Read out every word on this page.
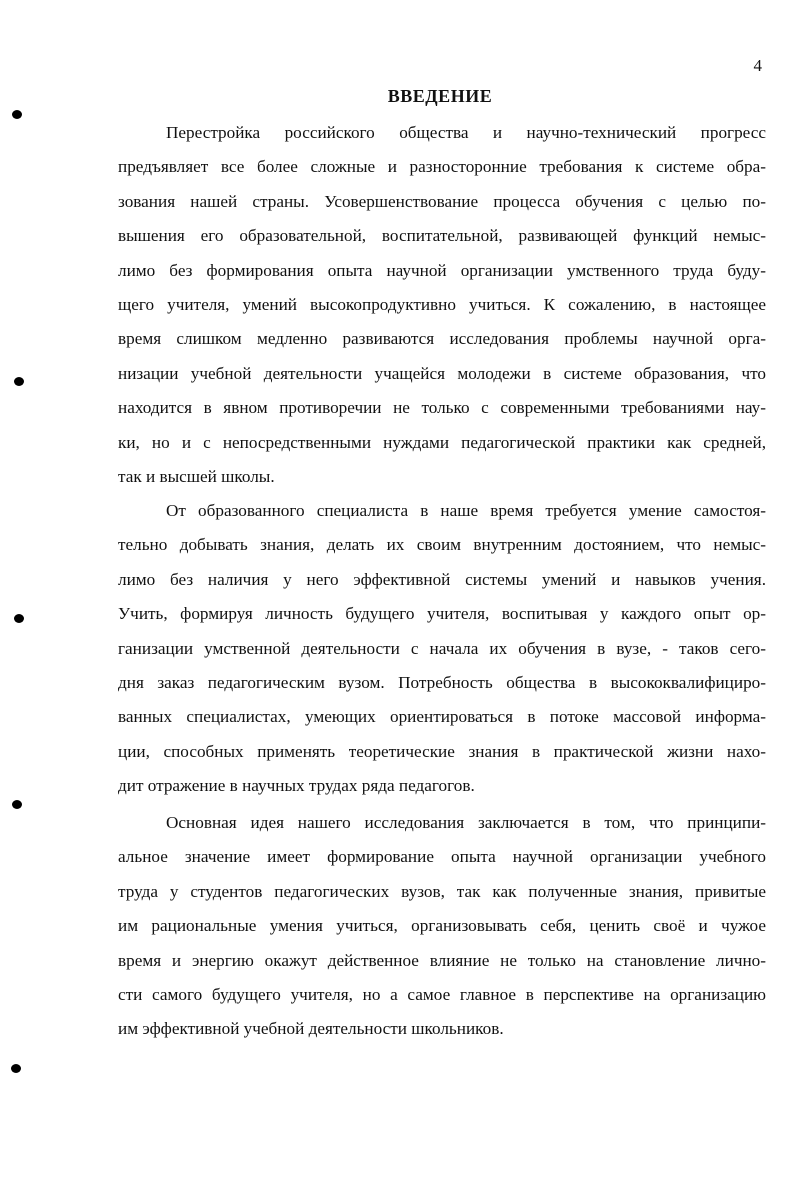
4
ВВЕДЕНИЕ
Перестройка российского общества и научно-технический прогресс
предъявляет все более сложные и разносторонние требования к системе обра-
зования нашей страны. Усовершенствование процесса обучения с целью по-
вышения его образовательной, воспитательной, развивающей функций немыс-
лимо без формирования опыта научной организации умственного труда буду-
щего учителя, умений высокопродуктивно учиться. К сожалению, в настоящее
время слишком медленно развиваются исследования проблемы научной орга-
низации учебной деятельности учащейся молодежи в системе образования, что
находится в явном противоречии не только с современными требованиями нау-
ки, но и с непосредственными нуждами педагогической практики как средней,
так и высшей школы.
От образованного специалиста в наше время требуется умение самостоя-
тельно добывать знания, делать их своим внутренним достоянием, что немыс-
лимо без наличия у него эффективной системы умений и навыков учения.
Учить, формируя личность будущего учителя, воспитывая у каждого опыт ор-
ганизации умственной деятельности с начала их обучения в вузе, - таков сего-
дня заказ педагогическим вузом. Потребность общества в высококвалифициро-
ванных специалистах, умеющих ориентироваться в потоке массовой информа-
ции, способных применять теоретические знания в практической жизни нахо-
дит отражение в научных трудах ряда педагогов.
Основная идея нашего исследования заключается в том, что принципи-
альное значение имеет формирование опыта научной организации учебного
труда у студентов педагогических вузов, так как полученные знания, привитые
им рациональные умения учиться, организовывать себя, ценить своё и чужое
время и энергию окажут действенное влияние не только на становление лично-
сти самого будущего учителя, но а самое главное в перспективе на организацию
им эффективной учебной деятельности школьников.
